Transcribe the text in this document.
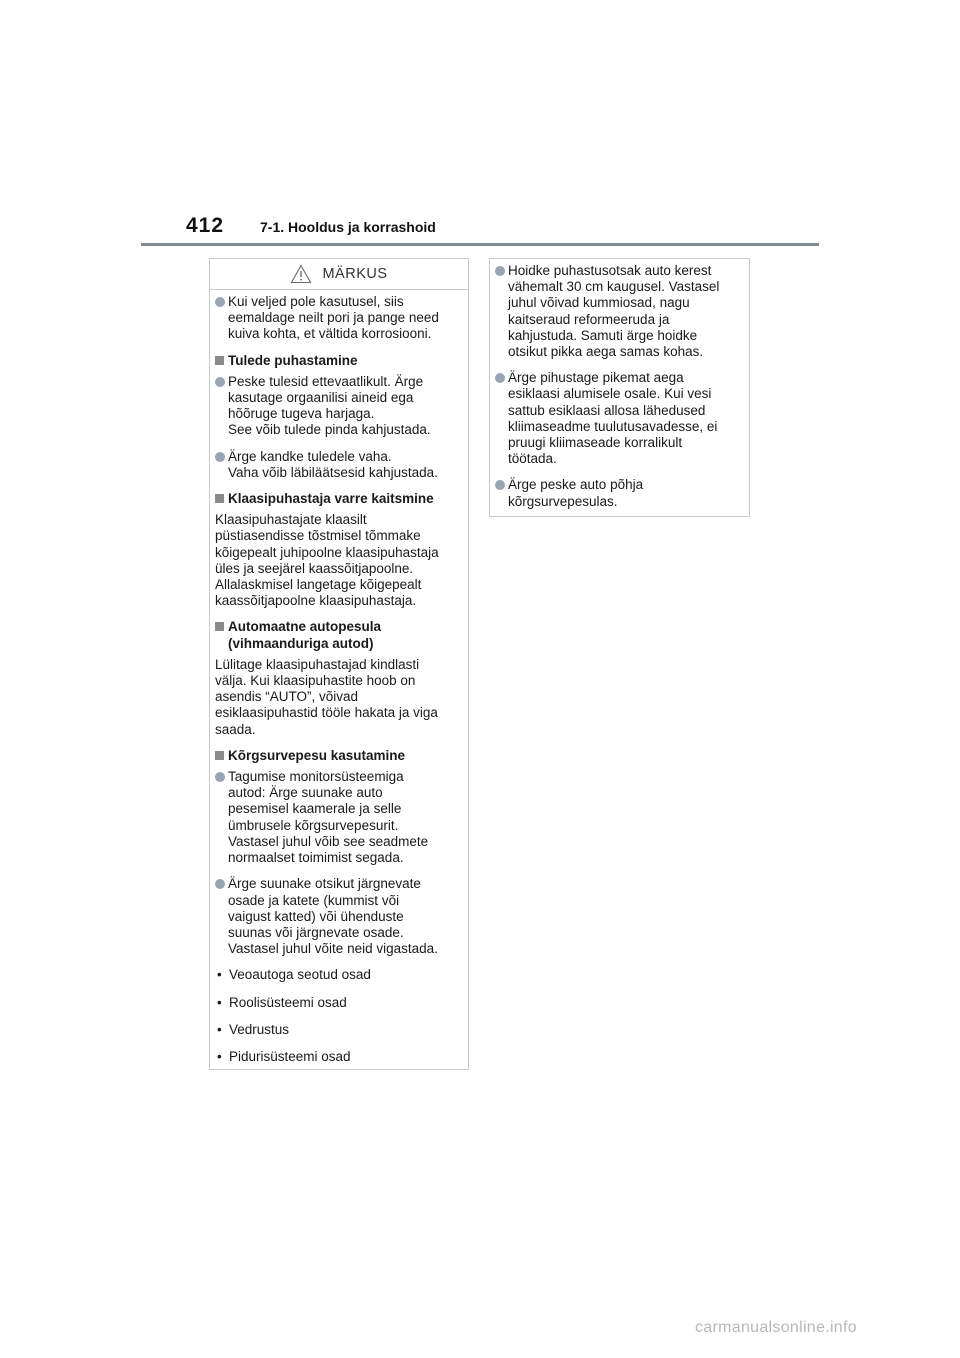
412	7-1. Hooldus ja korrashoid
MÄRKUS
Kui veljed pole kasutusel, siis
eemaldage neilt pori ja pange need
kuiva kohta, et vältida korrosiooni.
Tulede puhastamine
Peske tulesid ettevaatlikult. Ärge
kasutage orgaanilisi aineid ega
hõõruge tugeva harjaga.
See võib tulede pinda kahjustada.
Ärge kandke tuledele vaha.
Vaha võib läbiläätsesid kahjustada.
Klaasipuhastaja varre kaitsmine
Klaasipuhastajate klaasilt
püstiasendisse tõstmisel tõmmake
kõigepealt juhipoolne klaasipuhastaja
üles ja seejärel kaassõitjapoolne.
Allalaskmisel langetage kõigepealt
kaassõitjapoolne klaasipuhastaja.
Automaatne autopesula
(vihmaanduriga autod)
Lülitage klaasipuhastajad kindlasti
välja. Kui klaasipuhastite hoob on
asendis “AUTO”, võivad
esiklaasipuhastid tööle hakata ja viga
saada.
Kõrgsurvepesu kasutamine
Tagumise monitorsüsteemiga
autod: Ärge suunake auto
pesemisel kaamerale ja selle
ümbrusele kõrgsurvepesurit.
Vastasel juhul võib see seadmete
normaalset toimimist segada.
Ärge suunake otsikut järgnevate
osade ja katete (kummist või
vaigust katted) või ühenduste
suunas või järgnevate osade.
Vastasel juhul võite neid vigastada.
• Veoautoga seotud osad
• Roolisüsteemi osad
• Vedrustus
• Pidurisüsteemi osad
Hoidke puhastusotsak auto kerest
vähemalt 30 cm kaugusel. Vastasel
juhul võivad kummiosad, nagu
kaitseraud reformeeruda ja
kahjustuda. Samuti ärge hoidke
otsikut pikka aega samas kohas.
Ärge pihustage pikemat aega
esiklaasi alumisele osale. Kui vesi
sattub esiklaasi allosa lähedused
kliimaseadme tuulutusavadesse, ei
pruugi kliimaseade korralikult
töötada.
Ärge peske auto põhja
kõrgsurvepesulas.
carmanualsonline.info
